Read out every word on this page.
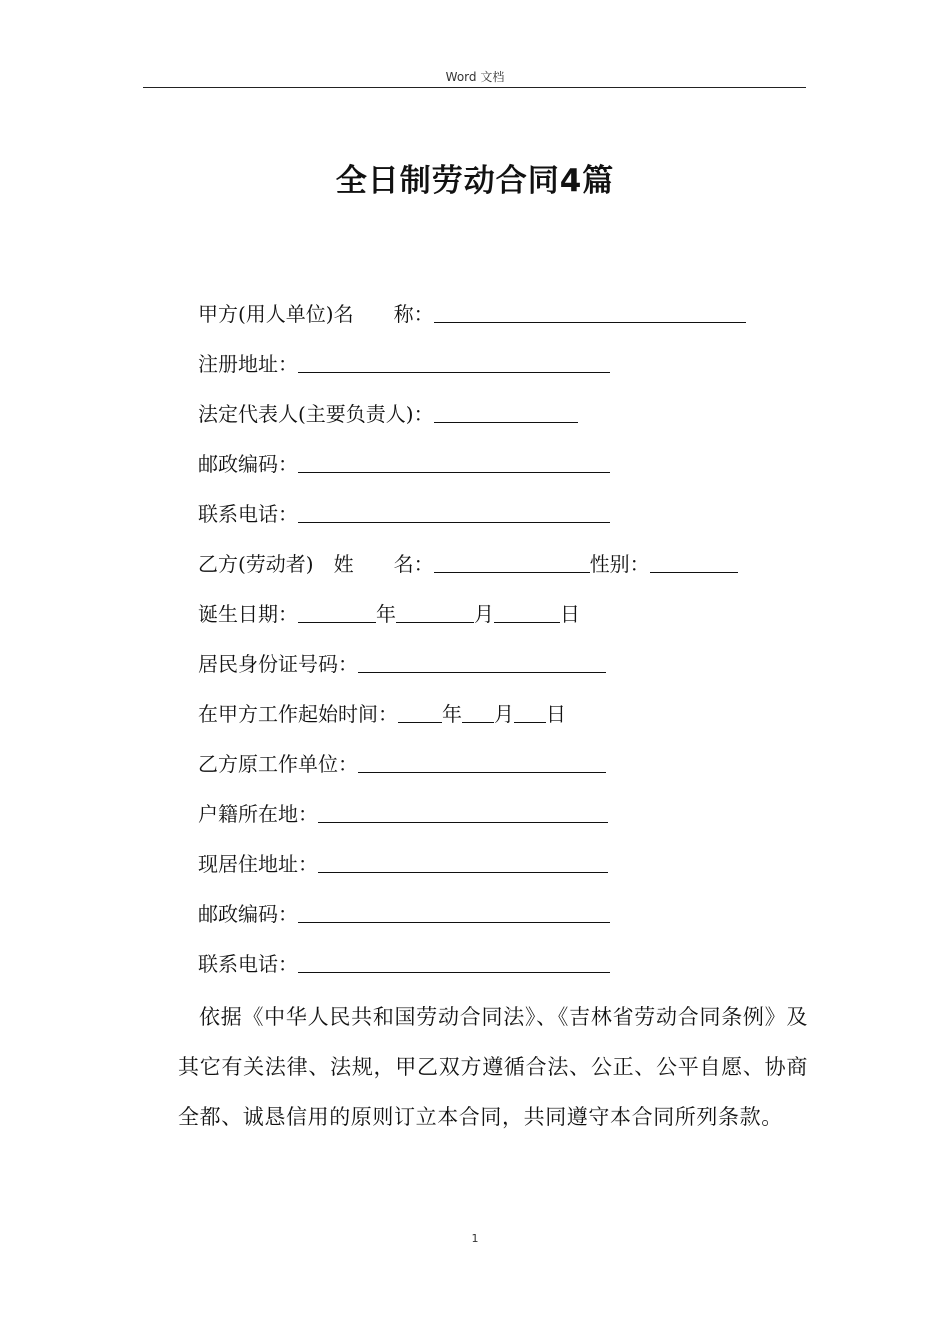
Word 文档
全日制劳动合同4篇
甲方(用人单位)名　　称：
注册地址：
法定代表人(主要负责人)：
邮政编码：
联系电话：
乙方(劳动者)　姓　　名：	性别：
诞生日期：	年	月	日
居民身份证号码：
在甲方工作起始时间： 年 月 日
乙方原工作单位：
户籍所在地：
现居住地址：
邮政编码：
联系电话：
依据《中华人民共和国劳动合同法》、《吉林省劳动合同条例》及其它有关法律、法规，甲乙双方遵循合法、公正、公平自愿、协商全都、诚恳信用的原则订立本合同，共同遵守本合同所列条款。
1
